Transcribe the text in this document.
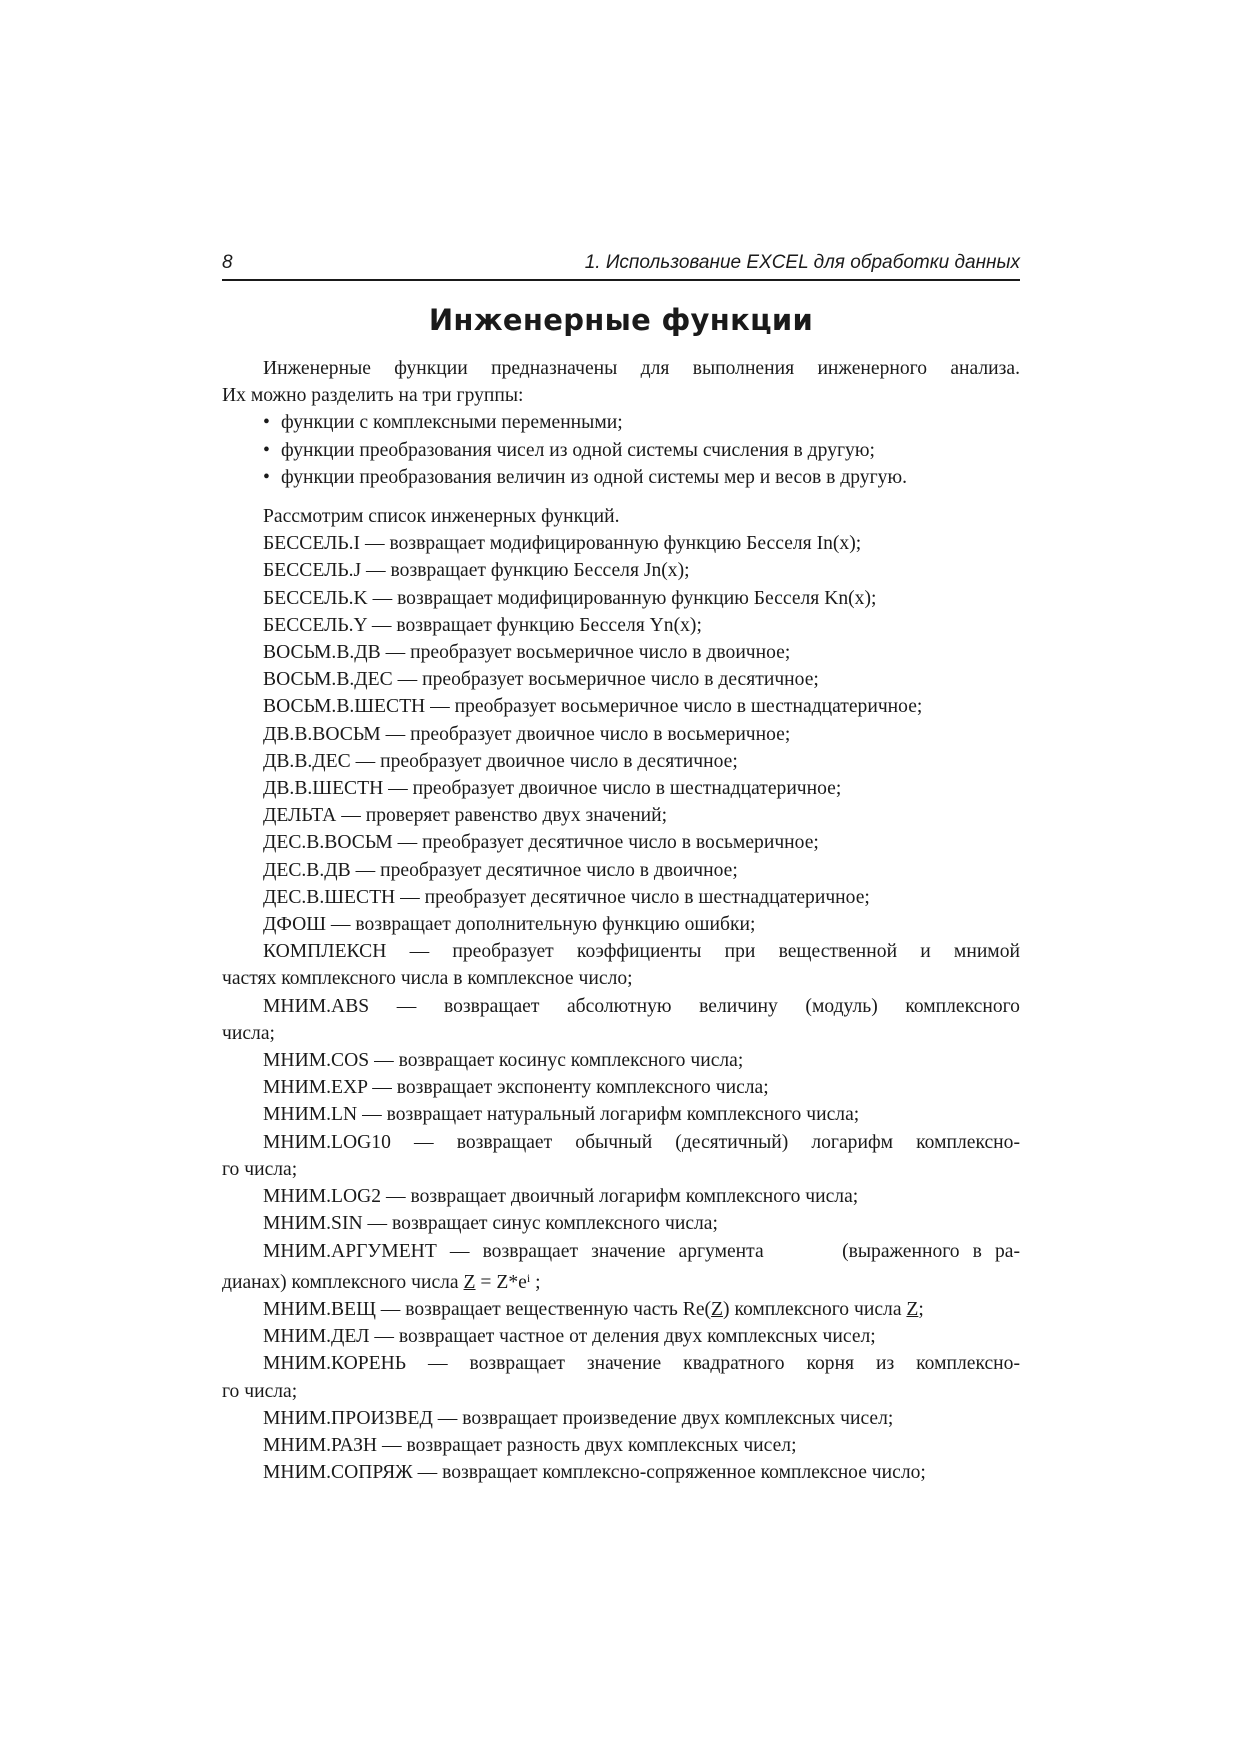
8	1. Использование EXCEL для обработки данных
Инженерные функции

Инженерные функции предназначены для выполнения инженерного анализа.

Их можно разделить на три группы:

• функции с комплексными переменными;
• функции преобразования чисел из одной системы счисления в другую;
• функции преобразования величин из одной системы мер и весов в другую.

Рассмотрим список инженерных функций.

БЕССЕЛЬ.I — возвращает модифицированную функцию Бесселя In(x);

БЕССЕЛЬ.J — возвращает функцию Бесселя Jn(x);

БЕССЕЛЬ.K — возвращает модифицированную функцию Бесселя Kn(x);

БЕССЕЛЬ.Y — возвращает функцию Бесселя Yn(x);

ВОСЬМ.В.ДВ — преобразует восьмеричное число в двоичное;

ВОСЬМ.В.ДЕС — преобразует восьмеричное число в десятичное;

ВОСЬМ.В.ШЕСТН — преобразует восьмеричное число в шестнадцатеричное;

ДВ.В.ВОСЬМ — преобразует двоичное число в восьмеричное;

ДВ.В.ДЕС — преобразует двоичное число в десятичное;

ДВ.В.ШЕСТН — преобразует двоичное число в шестнадцатеричное;

ДЕЛЬТА — проверяет равенство двух значений;

ДЕС.В.ВОСЬМ — преобразует десятичное число в восьмеричное;

ДЕС.В.ДВ — преобразует десятичное число в двоичное;

ДЕС.В.ШЕСТН — преобразует десятичное число в шестнадцатеричное;

ДФОШ — возвращает дополнительную функцию ошибки;

КОМПЛЕКСН — преобразует коэффициенты при вещественной и мнимой

частях комплексного числа в комплексное число;

МНИМ.ABS — возвращает абсолютную величину (модуль) комплексного

числа;

МНИМ.COS — возвращает косинус комплексного числа;

МНИМ.EXP — возвращает экспоненту комплексного числа;

МНИМ.LN — возвращает натуральный логарифм комплексного числа;

МНИМ.LOG10 — возвращает обычный (десятичный) логарифм комплексно-

го числа;

МНИМ.LOG2 — возвращает двоичный логарифм комплексного числа;

МНИМ.SIN — возвращает синус комплексного числа;

МНИМ.АРГУМЕНТ — возвращает значение аргумента	(выраженного в ра-

дианах) комплексного числа $Z = Z*e^i$ ;

МНИМ.ВЕЩ — возвращает вещественную часть Re(Z) комплексного числа Z;

МНИМ.ДЕЛ — возвращает частное от деления двух комплексных чисел;

МНИМ.КОРЕНЬ — возвращает значение квадратного корня из комплексно-

го числа;

МНИМ.ПРОИЗВЕД — возвращает произведение двух комплексных чисел;

МНИМ.РАЗН — возвращает разность двух комплексных чисел;

МНИМ.СОПРЯЖ — возвращает комплексно-сопряженное комплексное число;
